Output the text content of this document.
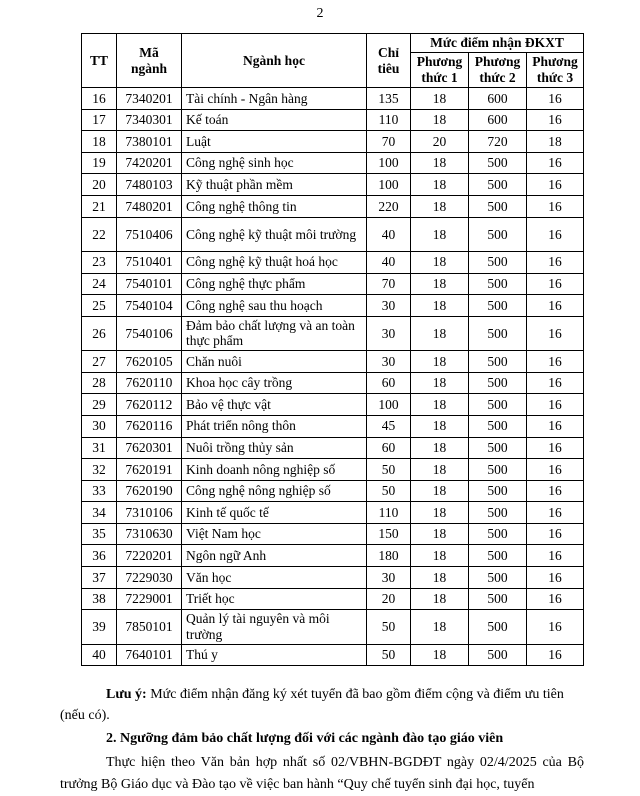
2
TT	Mã ngành	Ngành học	Chỉ tiêu	Mức điểm nhận ĐKXT		
				Phương thức 1	Phương thức 2	Phương thức 3
16	7340201	Tài chính - Ngân hàng	135	18	600	16
17	7340301	Kế toán	110	18	600	16
18	7380101	Luật	70	20	720	18
19	7420201	Công nghệ sinh học	100	18	500	16
20	7480103	Kỹ thuật phần mềm	100	18	500	16
21	7480201	Công nghệ thông tin	220	18	500	16
22	7510406	Công nghệ kỹ thuật môi trường	40	18	500	16
23	7510401	Công nghệ kỹ thuật hoá học	40	18	500	16
24	7540101	Công nghệ thực phẩm	70	18	500	16
25	7540104	Công nghệ sau thu hoạch	30	18	500	16
26	7540106	Đảm bảo chất lượng và an toàn thực phẩm	30	18	500	16
27	7620105	Chăn nuôi	30	18	500	16
28	7620110	Khoa học cây trồng	60	18	500	16
29	7620112	Bảo vệ thực vật	100	18	500	16
30	7620116	Phát triển nông thôn	45	18	500	16
31	7620301	Nuôi trồng thủy sản	60	18	500	16
32	7620191	Kinh doanh nông nghiệp số	50	18	500	16
33	7620190	Công nghệ nông nghiệp số	50	18	500	16
34	7310106	Kinh tế quốc tế	110	18	500	16
35	7310630	Việt Nam học	150	18	500	16
36	7220201	Ngôn ngữ Anh	180	18	500	16
37	7229030	Văn học	30	18	500	16
38	7229001	Triết học	20	18	500	16
39	7850101	Quản lý tài nguyên và môi trường	50	18	500	16
40	7640101	Thú y	50	18	500	16
Lưu ý: Mức điểm nhận đăng ký xét tuyển đã bao gồm điểm cộng và điểm ưu tiên (nếu có).
2. Ngưỡng đảm bảo chất lượng đối với các ngành đào tạo giáo viên
Thực hiện theo Văn bản hợp nhất số 02/VBHN-BGDĐT ngày 02/4/2025 của Bộ trưởng Bộ Giáo dục và Đào tạo về việc ban hành “Quy chế tuyển sinh đại học, tuyển
